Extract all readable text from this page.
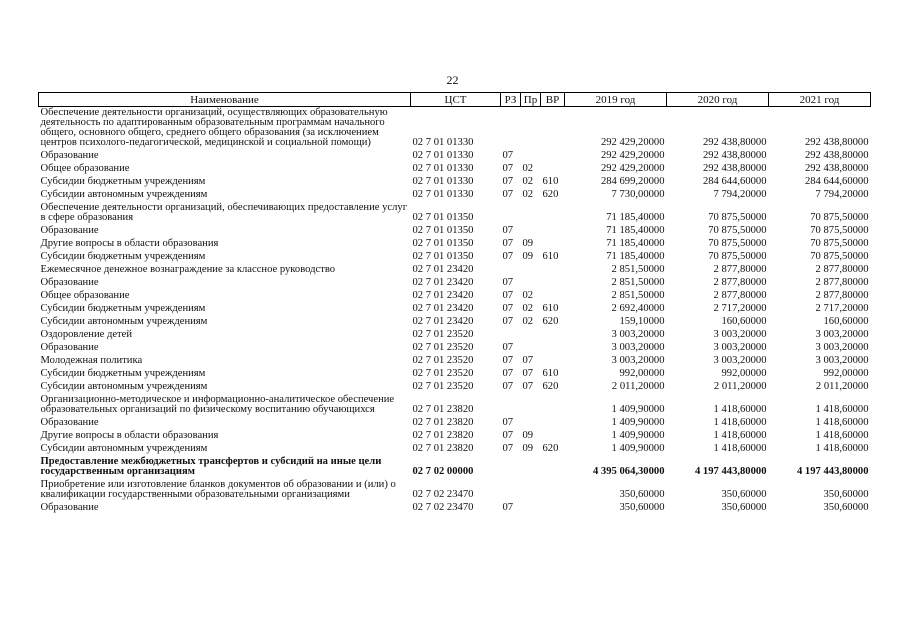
22
Наименование	ЦСТ	РЗ	Пр	ВР	2019 год	2020 год	2021 год
Обеспечение деятельности организаций, осуществляющих образовательную деятельность по адаптированным образовательным программам начального общего, основного общего, среднего общего образования (за исключением центров психолого-педагогической, медицинской и социальной помощи)	02 7 01 01330				292 429,20000	292 438,80000	292 438,80000
Образование	02 7 01 01330	07			292 429,20000	292 438,80000	292 438,80000
Общее образование	02 7 01 01330	07	02		292 429,20000	292 438,80000	292 438,80000
Субсидии бюджетным учреждениям	02 7 01 01330	07	02	610	284 699,20000	284 644,60000	284 644,60000
Субсидии автономным учреждениям	02 7 01 01330	07	02	620	7 730,00000	7 794,20000	7 794,20000
Обеспечение деятельности организаций, обеспечивающих предоставление услуг в сфере образования	02 7 01 01350				71 185,40000	70 875,50000	70 875,50000
Образование	02 7 01 01350	07			71 185,40000	70 875,50000	70 875,50000
Другие вопросы в области образования	02 7 01 01350	07	09		71 185,40000	70 875,50000	70 875,50000
Субсидии бюджетным учреждениям	02 7 01 01350	07	09	610	71 185,40000	70 875,50000	70 875,50000
Ежемесячное денежное вознаграждение за классное руководство	02 7 01 23420				2 851,50000	2 877,80000	2 877,80000
Образование	02 7 01 23420	07			2 851,50000	2 877,80000	2 877,80000
Общее образование	02 7 01 23420	07	02		2 851,50000	2 877,80000	2 877,80000
Субсидии бюджетным учреждениям	02 7 01 23420	07	02	610	2 692,40000	2 717,20000	2 717,20000
Субсидии автономным учреждениям	02 7 01 23420	07	02	620	159,10000	160,60000	160,60000
Оздоровление детей	02 7 01 23520				3 003,20000	3 003,20000	3 003,20000
Образование	02 7 01 23520	07			3 003,20000	3 003,20000	3 003,20000
Молодежная политика	02 7 01 23520	07	07		3 003,20000	3 003,20000	3 003,20000
Субсидии бюджетным учреждениям	02 7 01 23520	07	07	610	992,00000	992,00000	992,00000
Субсидии автономным учреждениям	02 7 01 23520	07	07	620	2 011,20000	2 011,20000	2 011,20000
Организационно-методическое и информационно-аналитическое обеспечение образовательных организаций по физическому воспитанию обучающихся	02 7 01 23820				1 409,90000	1 418,60000	1 418,60000
Образование	02 7 01 23820	07			1 409,90000	1 418,60000	1 418,60000
Другие вопросы в области образования	02 7 01 23820	07	09		1 409,90000	1 418,60000	1 418,60000
Субсидии автономным учреждениям	02 7 01 23820	07	09	620	1 409,90000	1 418,60000	1 418,60000
Предоставление межбюджетных трансфертов и субсидий на иные цели государственным организациям	02 7 02 00000				4 395 064,30000	4 197 443,80000	4 197 443,80000
Приобретение или изготовление бланков документов об образовании и (или) о квалификации государственными образовательными организациями	02 7 02 23470				350,60000	350,60000	350,60000
Образование	02 7 02 23470	07			350,60000	350,60000	350,60000
